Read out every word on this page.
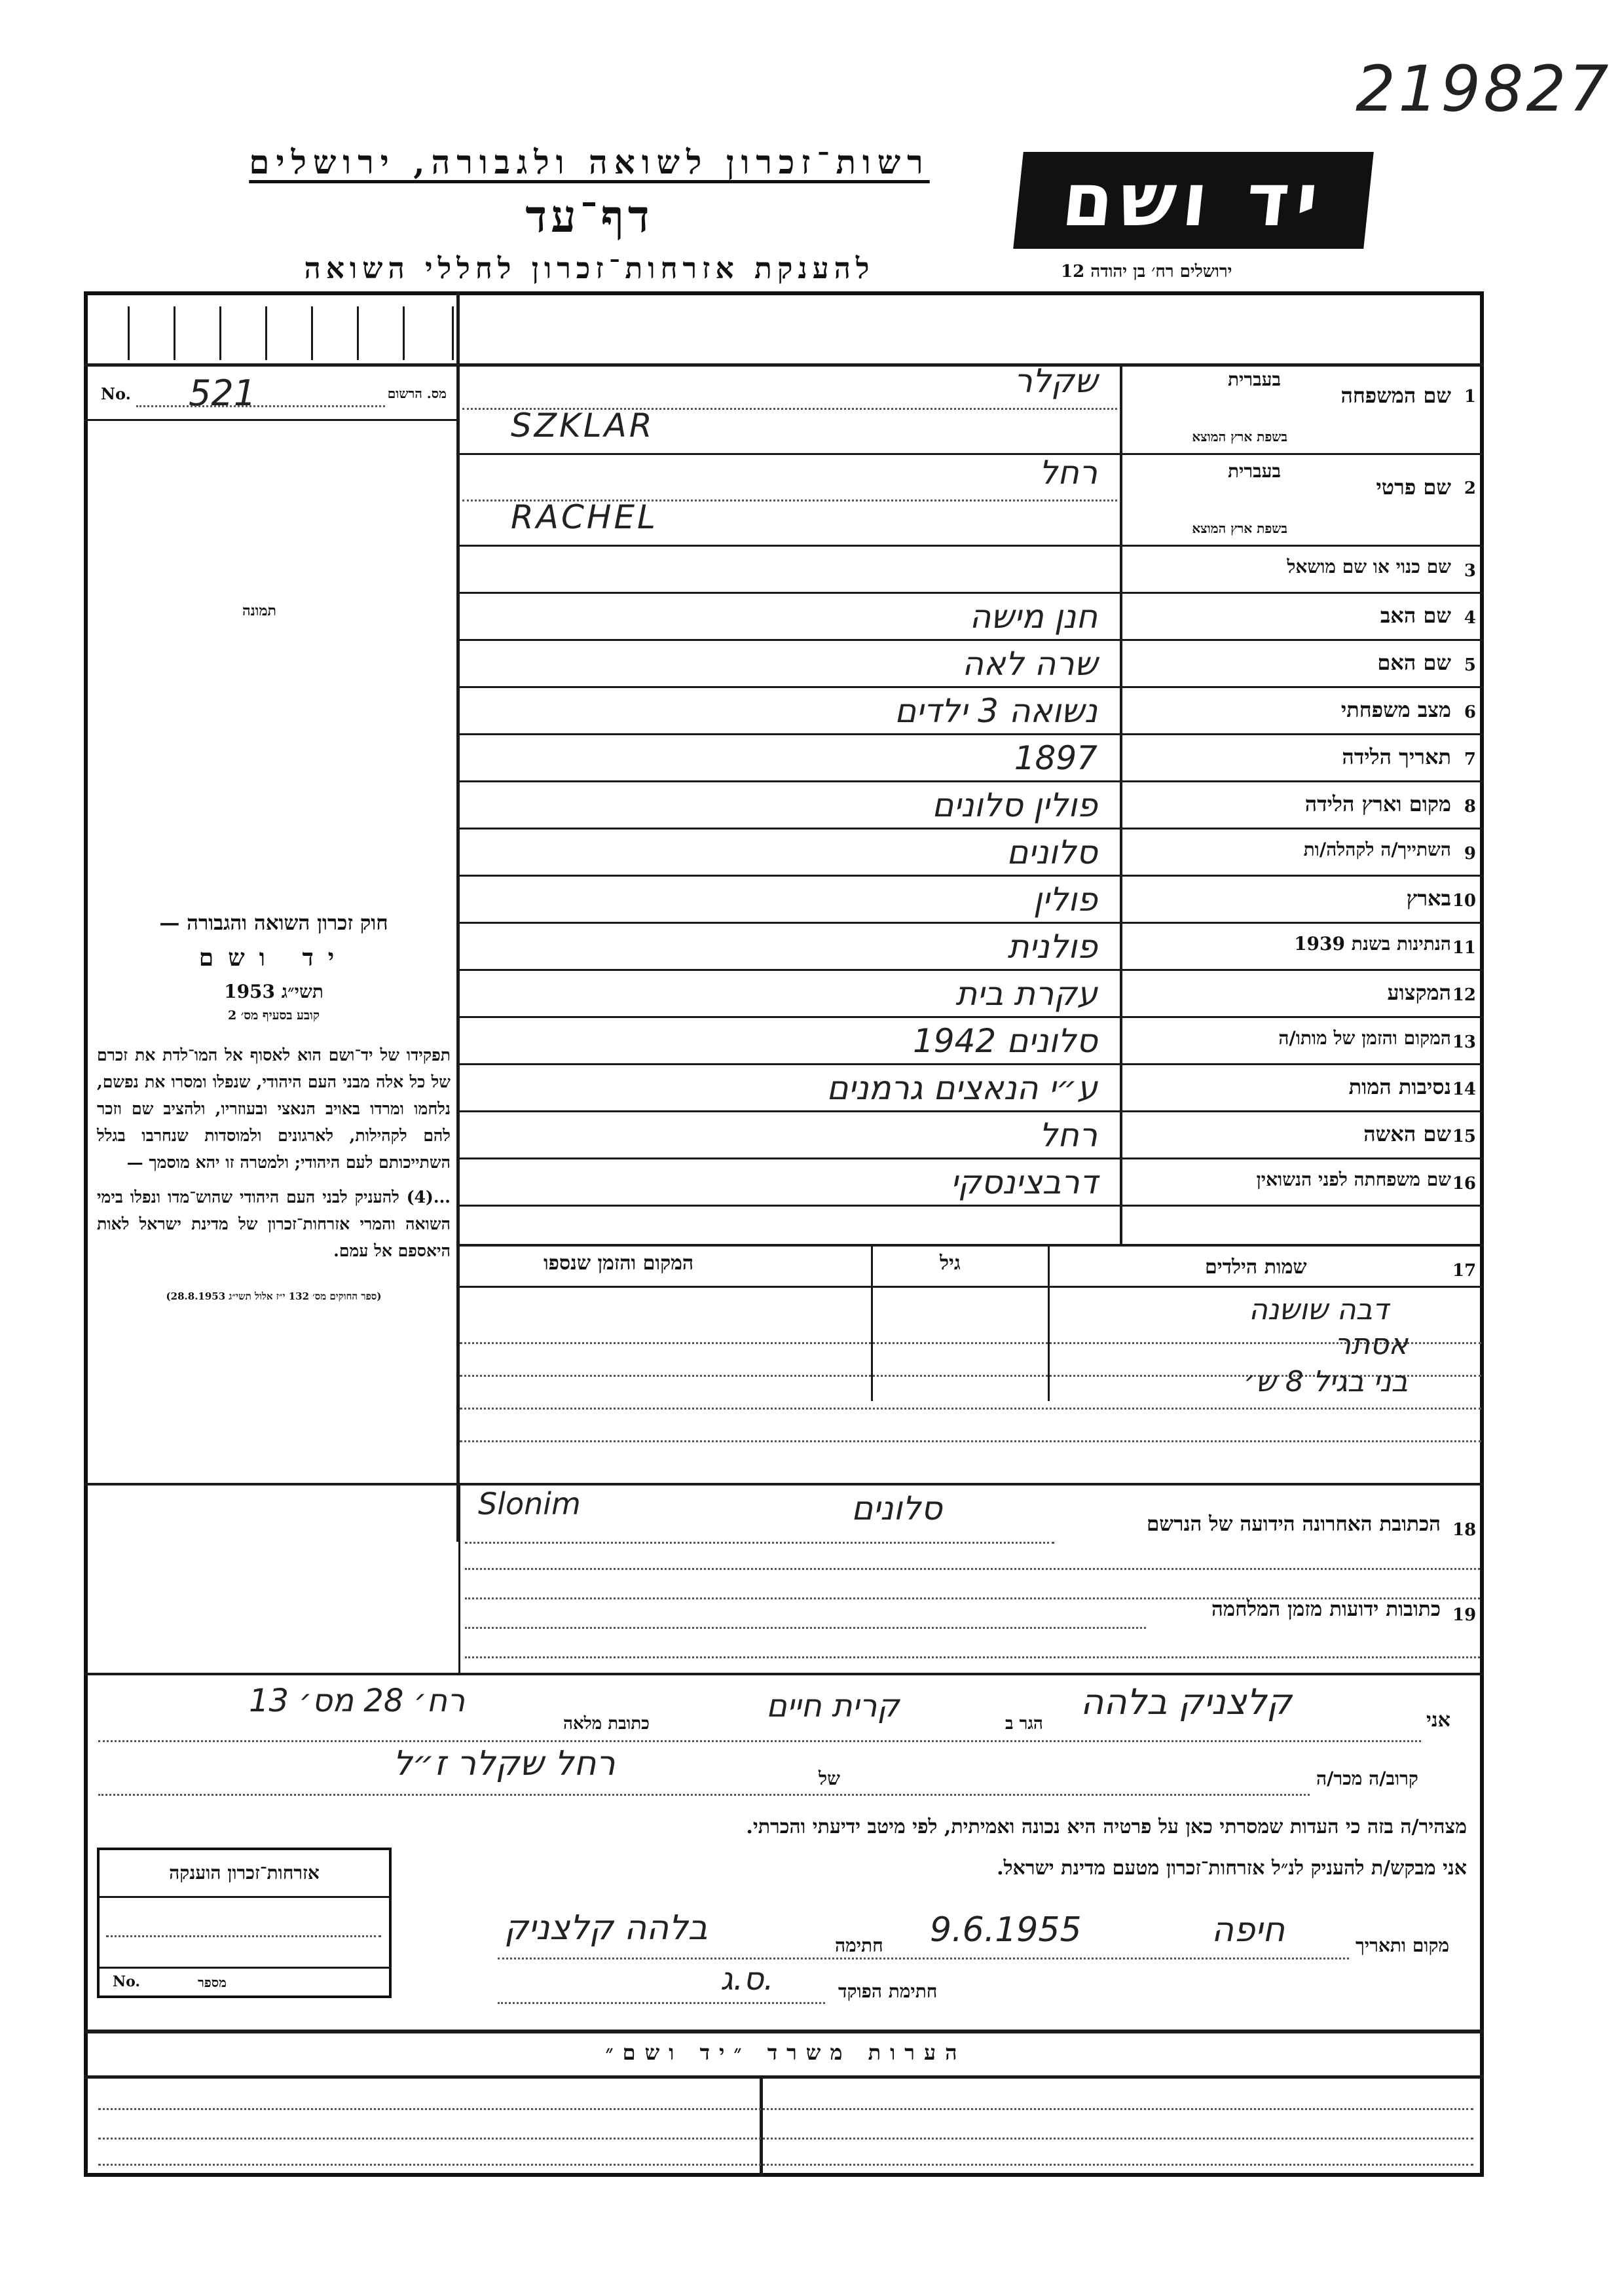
219827
רשות־זכרון לשואה ולגבורה, ירושלים
דף־עד
להענקת אזרחות־זכרון לחללי השואה
יד ושם
ירושלים רח׳ בן יהודה 12
No. 521	מס. הרשום
תמונה
חוק זכרון השואה והגבורה —
יד ושם
תשי״ג 1953
קובע בסעיף מס׳ 2
תפקידו של יד־ושם הוא לאסוף אל המו־לדת את זכרם של כל אלה מבני העם היהודי, שנפלו ומסרו את נפשם, נלחמו ומרדו באויב הנאצי ובעוזריו, ולהציב שם וזכר להם לקהילות, לארגונים ולמוסדות שנחרבו בגלל השתייכותם לעם היהודי; ולמטרה זו יהא מוסמך —
...(4) להעניק לבני העם היהודי שהוש־מדו ונפלו בימי השואה והמרי אזרחות־זכרון של מדינת ישראל לאות היאספם אל עמם.
(ספר החוקים מס׳ 132 י״ז אלול תשי״ג 28.8.1953)
1
שם המשפחה
בעברית
בשפת ארץ המוצא
שקלר
SZKLAR
2
שם פרטי
בעברית
בשפת ארץ המוצא
רחל
RACHEL
3
שם כנוי או שם מושאל
4
שם האב
חנן מישה
5
שם האם
שרה לאה
6
מצב משפחתי
נשואה 3 ילדים
7
תאריך הלידה
1897
8
מקום וארץ הלידה
פולין סלונים
9
השתייך/ה לקהלה/ות
סלונים
10
בארץ
פולין
11
הנתינות בשנת 1939
פולנית
12
המקצוע
עקרת בית
13
המקום והזמן של מותו/ה
סלונים 1942
14
נסיבות המות
ע״י הנאצים גרמנים
15
שם האשה
רחל
16
שם משפחתה לפני הנשואין
דרבצינסקי
17
שמות הילדים
גיל
המקום והזמן שנספו
דבה שושנה
אסתר
בני בגיל 8 ש׳
18
הכתובת האחרונה הידועה של הנרשם
סלונים
Slonim
19
כתובות ידועות מזמן המלחמה
אני
קלצניק בלהה
הגר ב
קרית חיים
כתובת מלאה
רח׳ 28 מס׳ 13
קרוב/ה מכר/ה
של
רחל שקלר ז״ל
מצהיר/ה בזה כי העדות שמסרתי כאן על פרטיה היא נכונה ואמיתית, לפי מיטב ידיעתי והכרתי.
אני מבקש/ת להעניק לנ״ל אזרחות־זכרון מטעם מדינת ישראל.
מקום ותאריך
חיפה
9.6.1955
חתימה
בלהה קלצניק
חתימת הפוקד
ס.ג.
אזרחות־זכרון הוענקה
No.	מספר
הערות משרד ״יד ושם״
